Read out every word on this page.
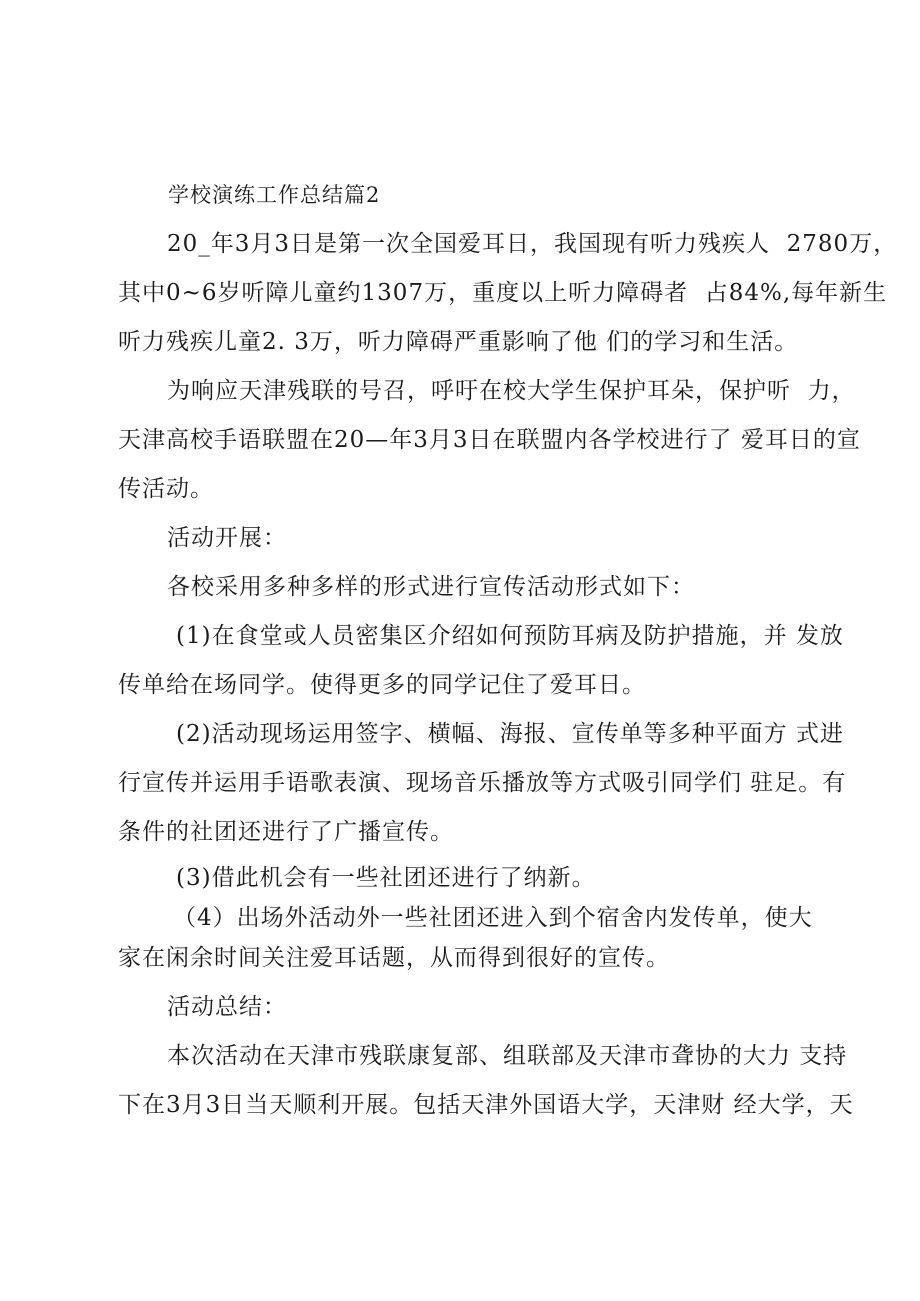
学校演练工作总结篇2

20_年3月3日是第一次全国爱耳日，我国现有听力残疾人  2780万，

其中0~6岁听障儿童约1307万，重度以上听力障碍者  占84%,每年新生

听力残疾儿童2. 3万，听力障碍严重影响了他 们的学习和生活。

为响应天津残联的号召，呼吁在校大学生保护耳朵，保护听  力，

天津高校手语联盟在20—年3月3日在联盟内各学校进行了 爱耳日的宣

传活动。

活动开展：

各校采用多种多样的形式进行宣传活动形式如下：

(1)在食堂或人员密集区介绍如何预防耳病及防护措施，并 发放

传单给在场同学。使得更多的同学记住了爱耳日。

(2)活动现场运用签字、横幅、海报、宣传单等多种平面方 式进

行宣传并运用手语歌表演、现场音乐播放等方式吸引同学们 驻足。有

条件的社团还进行了广播宣传。

(3)借此机会有一些社团还进行了纳新。

（4）出场外活动外一些社团还进入到个宿舍内发传单，使大

家在闲余时间关注爱耳话题，从而得到很好的宣传。

活动总结：

本次活动在天津市残联康复部、组联部及天津市聋协的大力 支持

下在3月3日当天顺利开展。包括天津外国语大学，天津财 经大学，天
